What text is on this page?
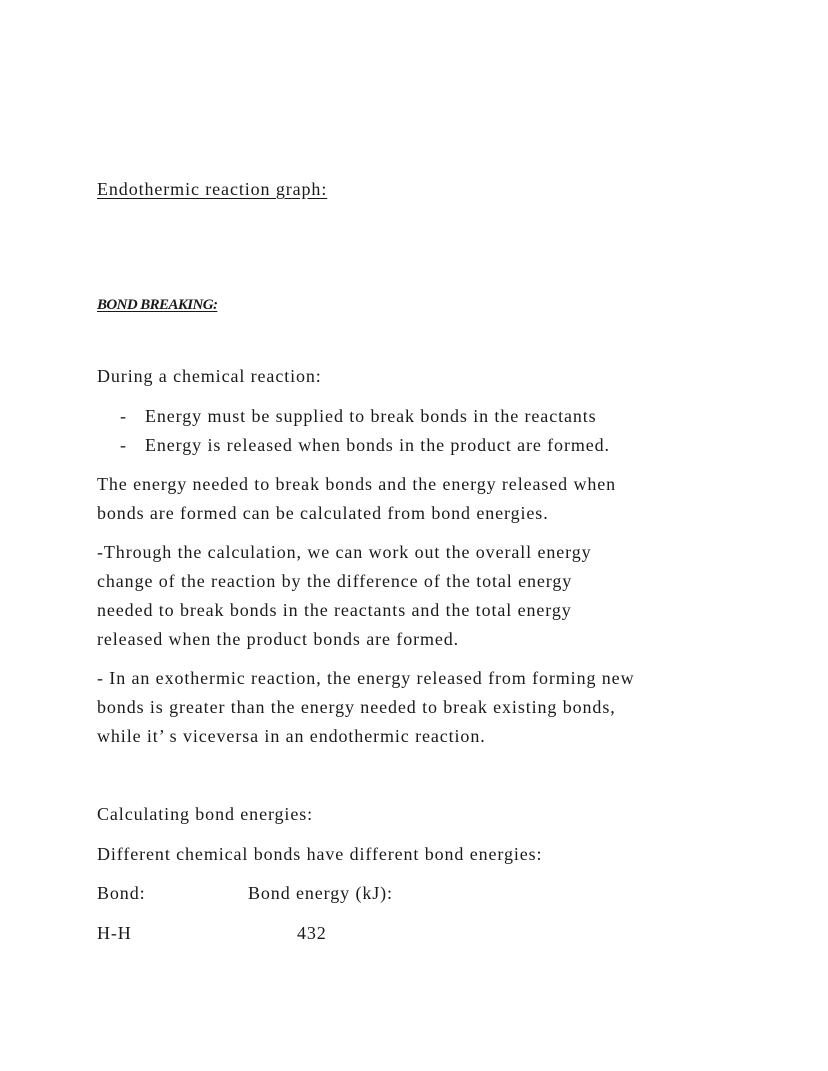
Endothermic reaction graph:
BOND BREAKING:
During a chemical reaction:
- Energy must be supplied to break bonds in the reactants
- Energy is released when bonds in the product are formed.
The energy needed to break bonds and the energy released when
bonds are formed can be calculated from bond energies.
-Through the calculation, we can work out the overall energy
change of the reaction by the difference of the total energy
needed to break bonds in the reactants and the total energy
released when the product bonds are formed.
- In an exothermic reaction, the energy released from forming new
bonds is greater than the energy needed to break existing bonds,
while it’ s viceversa in an endothermic reaction.
Calculating bond energies:
Different chemical bonds have different bond energies:
Bond:	Bond energy (kJ):
H-H	432
